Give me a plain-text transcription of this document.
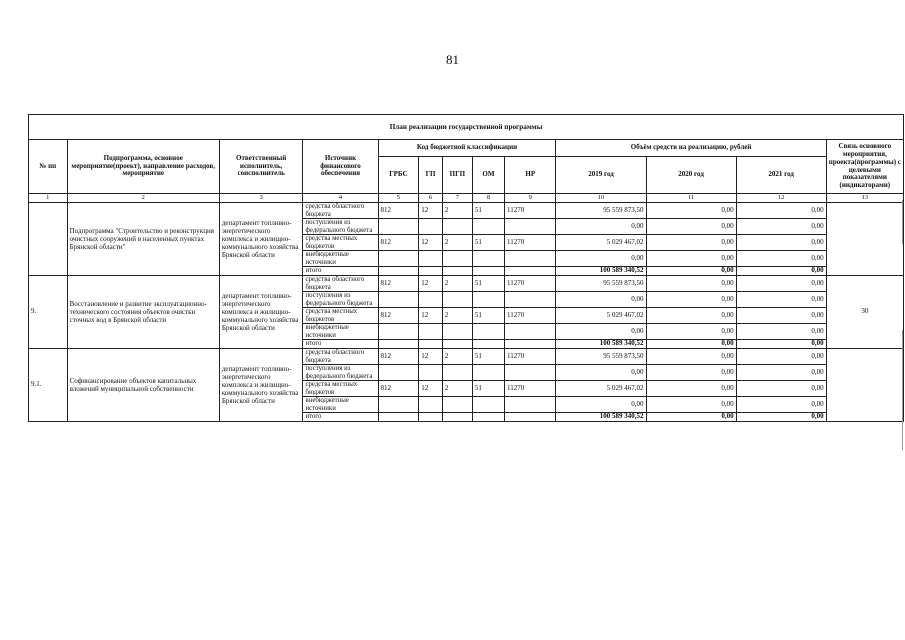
81
План реализации государственной программы												
№ пп	Подпрограмма, основное мероприятие(проект), направление расходов, мероприятие	Ответственный исполнитель, соисполнитель	Источник финансового обеспечения	Код бюджетной классификации					Объём средств на реализацию, рублей			Связь основного мероприятия, проекта(программы) с целевыми показателями (индикаторами)
				ГРБС	ГП	ПГП	ОМ	НР	2019 год	2020 год	2021 год	
1	2	3	4	5	6	7	8	9	10	11	12	13
	Подпрограмма "Строительство и реконструкция очистных сооружений в населенных пунктах Брянской области"	департамент топливно-энергетического комплекса и жилищно-коммунального хозяйства Брянской области	средства областного бюджета	812	12	2	51	11270	95 559 873,50	0,00	0,00	
			поступления из федерального бюджета						0,00	0,00	0,00	
			средства местных бюджетов	812	12	2	51	11270	5 029 467,02	0,00	0,00	
			внебюджетные источники						0,00	0,00	0,00	
			итого						100 589 340,52	0,00	0,00	
9.	Восстановление и развитие эксплуатационно-технического состояния объектов очистки сточных вод в Брянской области	департамент топливно-энергетического комплекса и жилищно-коммунального хозяйства Брянской области	средства областного бюджета	812	12	2	51	11270	95 559 873,50	0,00	0,00	30
			поступления из федерального бюджета						0,00	0,00	0,00	
			средства местных бюджетов	812	12	2	51	11270	5 029 467,02	0,00	0,00	
			внебюджетные источники						0,00	0,00	0,00	
			итого						100 589 340,52	0,00	0,00	
9.1.	Софинансирование объектов капитальных вложений муниципальной собственности	департамент топливно-энергетического комплекса и жилищно-коммунального хозяйства Брянской области	средства областного бюджета	812	12	2	51	11270	95 559 873,50	0,00	0,00	
			поступления из федерального бюджета						0,00	0,00	0,00	
			средства местных бюджетов	812	12	2	51	11270	5 029 467,02	0,00	0,00	
			внебюджетные источники						0,00	0,00	0,00	
			итого						100 589 340,52	0,00	0,00	
